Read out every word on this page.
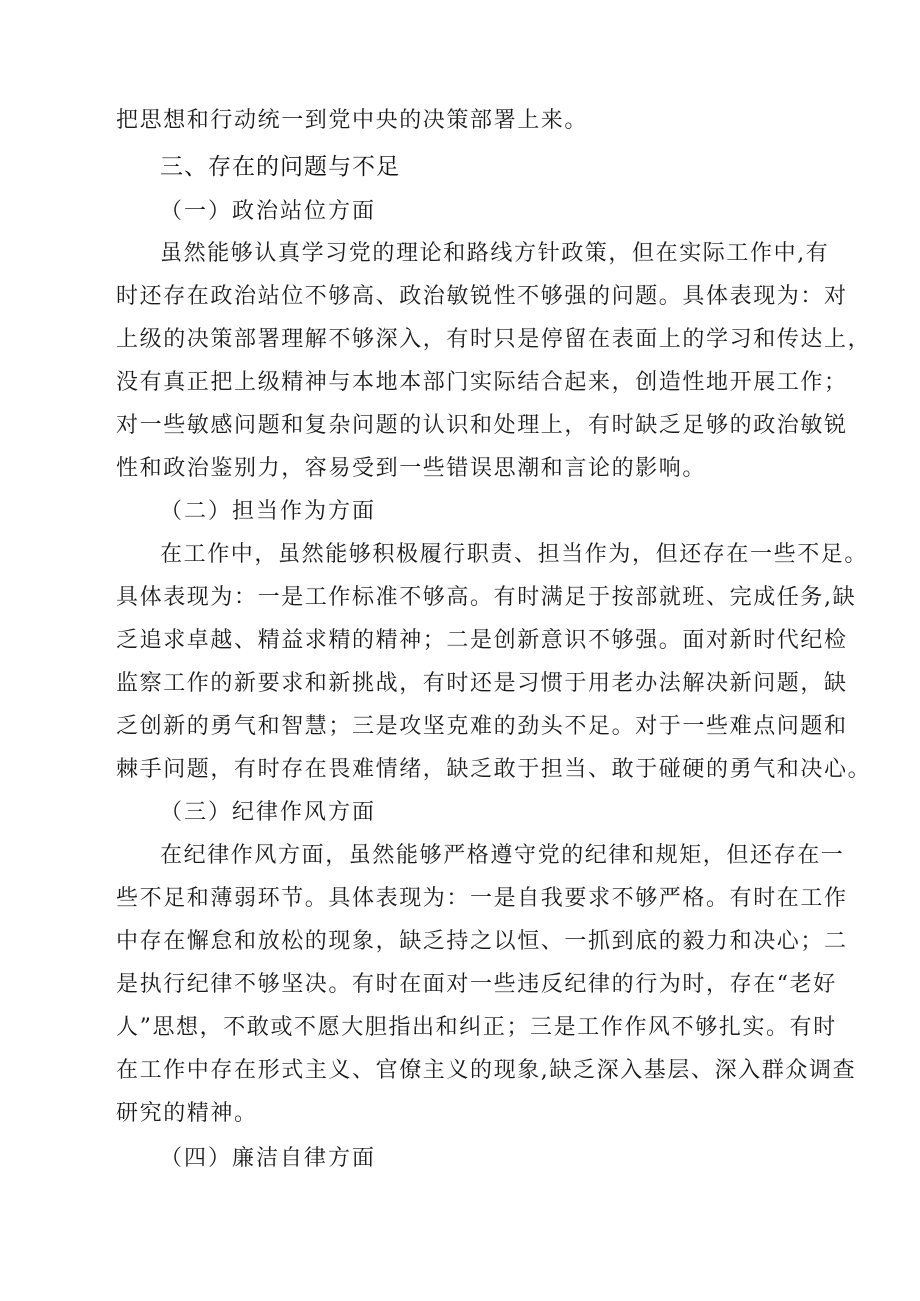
把思想和行动统一到党中央的决策部署上来。
三、存在的问题与不足
（一）政治站位方面
虽然能够认真学习党的理论和路线方针政策，但在实际工作中,有
时还存在政治站位不够高、政治敏锐性不够强的问题。具体表现为：对
上级的决策部署理解不够深入，有时只是停留在表面上的学习和传达上，
没有真正把上级精神与本地本部门实际结合起来，创造性地开展工作；
对一些敏感问题和复杂问题的认识和处理上，有时缺乏足够的政治敏锐
性和政治鉴别力，容易受到一些错误思潮和言论的影响。
（二）担当作为方面
在工作中，虽然能够积极履行职责、担当作为，但还存在一些不足。
具体表现为：一是工作标准不够高。有时满足于按部就班、完成任务,缺
乏追求卓越、精益求精的精神；二是创新意识不够强。面对新时代纪检
监察工作的新要求和新挑战，有时还是习惯于用老办法解决新问题，缺
乏创新的勇气和智慧；三是攻坚克难的劲头不足。对于一些难点问题和
棘手问题，有时存在畏难情绪，缺乏敢于担当、敢于碰硬的勇气和决心。
（三）纪律作风方面
在纪律作风方面，虽然能够严格遵守党的纪律和规矩，但还存在一
些不足和薄弱环节。具体表现为：一是自我要求不够严格。有时在工作
中存在懈怠和放松的现象，缺乏持之以恒、一抓到底的毅力和决心；二
是执行纪律不够坚决。有时在面对一些违反纪律的行为时，存在“老好
人”思想，不敢或不愿大胆指出和纠正；三是工作作风不够扎实。有时
在工作中存在形式主义、官僚主义的现象,缺乏深入基层、深入群众调查
研究的精神。
（四）廉洁自律方面
